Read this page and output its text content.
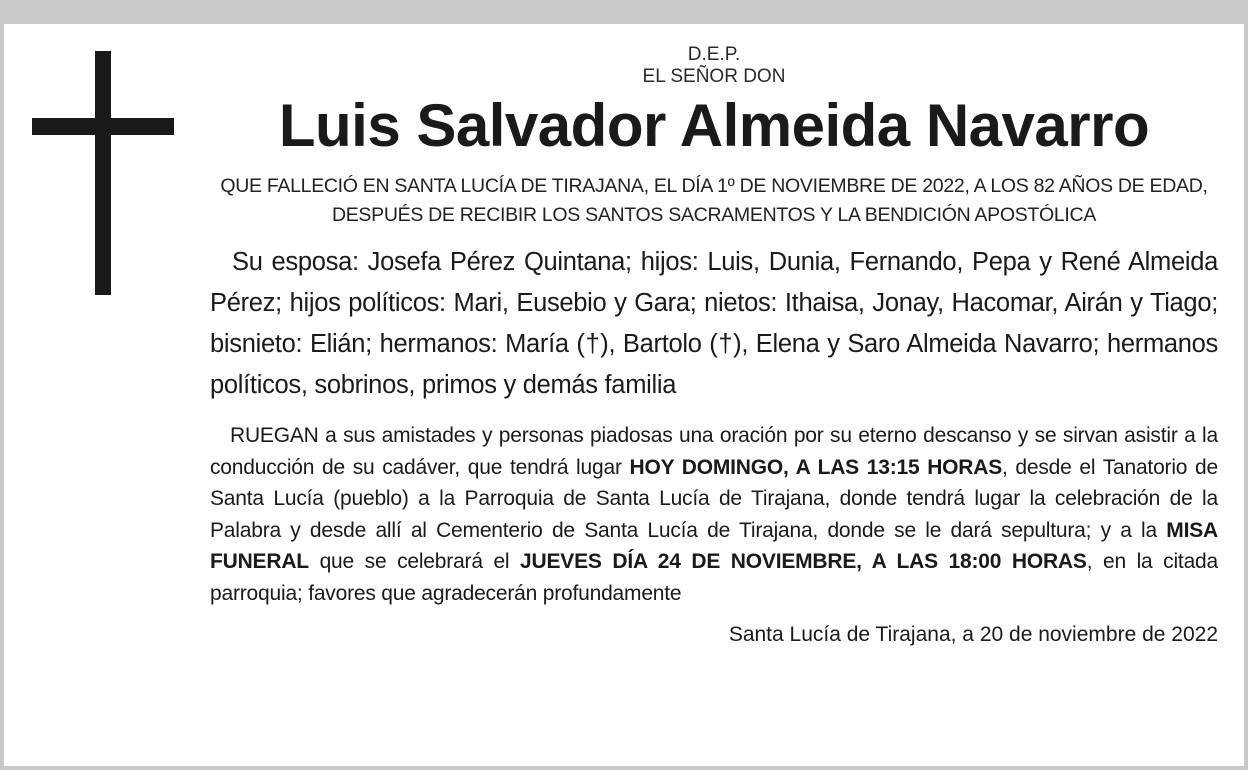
D.E.P.
EL SEÑOR DON
Luis Salvador Almeida Navarro
QUE FALLECIÓ EN SANTA LUCÍA DE TIRAJANA, EL DÍA 1º DE NOVIEMBRE DE 2022, A LOS 82 AÑOS DE EDAD, DESPUÉS DE RECIBIR LOS SANTOS SACRAMENTOS Y LA BENDICIÓN APOSTÓLICA
Su esposa: Josefa Pérez Quintana; hijos: Luis, Dunia, Fernando, Pepa y René Almeida Pérez; hijos políticos: Mari, Eusebio y Gara; nietos: Ithaisa, Jonay, Hacomar, Airán y Tiago; bisnieto: Elián; hermanos: María (†), Bartolo (†), Elena y Saro Almeida Navarro; hermanos políticos, sobrinos, primos y demás familia
RUEGAN a sus amistades y personas piadosas una oración por su eterno descanso y se sirvan asistir a la conducción de su cadáver, que tendrá lugar HOY DOMINGO, A LAS 13:15 HORAS, desde el Tanatorio de Santa Lucía (pueblo) a la Parroquia de Santa Lucía de Tirajana, donde tendrá lugar la celebración de la Palabra y desde allí al Cementerio de Santa Lucía de Tirajana, donde se le dará sepultura; y a la MISA FUNERAL que se celebrará el JUEVES DÍA 24 DE NOVIEMBRE, A LAS 18:00 HORAS, en la citada parroquia; favores que agradecerán profundamente
Santa Lucía de Tirajana, a 20 de noviembre de 2022
